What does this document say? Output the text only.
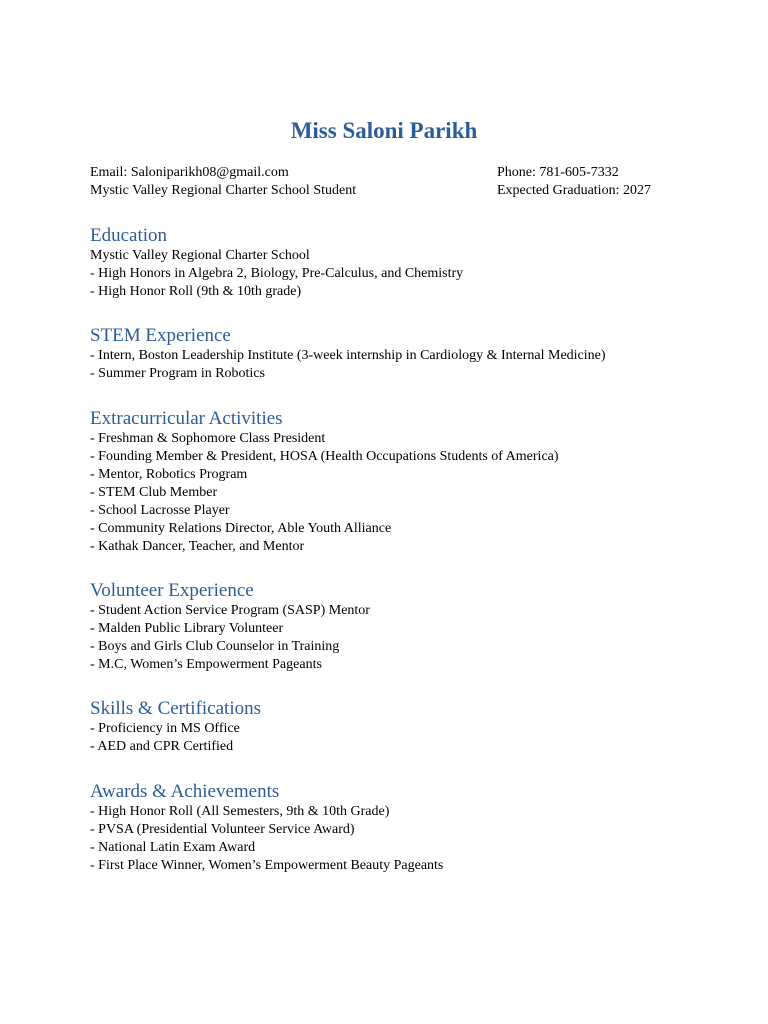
Miss Saloni Parikh
Email: Saloniparikh08@gmail.com
Mystic Valley Regional Charter School Student
Phone: 781-605-7332
Expected Graduation: 2027
Education
Mystic Valley Regional Charter School
- High Honors in Algebra 2, Biology, Pre-Calculus, and Chemistry
- High Honor Roll (9th & 10th grade)
STEM Experience
- Intern, Boston Leadership Institute (3-week internship in Cardiology & Internal Medicine)
- Summer Program in Robotics
Extracurricular Activities
- Freshman & Sophomore Class President
- Founding Member & President, HOSA (Health Occupations Students of America)
- Mentor, Robotics Program
- STEM Club Member
- School Lacrosse Player
- Community Relations Director, Able Youth Alliance
- Kathak Dancer, Teacher, and Mentor
Volunteer Experience
- Student Action Service Program (SASP) Mentor
- Malden Public Library Volunteer
- Boys and Girls Club Counselor in Training
- M.C, Women’s Empowerment Pageants
Skills & Certifications
- Proficiency in MS Office
- AED and CPR Certified
Awards & Achievements
- High Honor Roll (All Semesters, 9th & 10th Grade)
- PVSA (Presidential Volunteer Service Award)
- National Latin Exam Award
- First Place Winner, Women’s Empowerment Beauty Pageants
